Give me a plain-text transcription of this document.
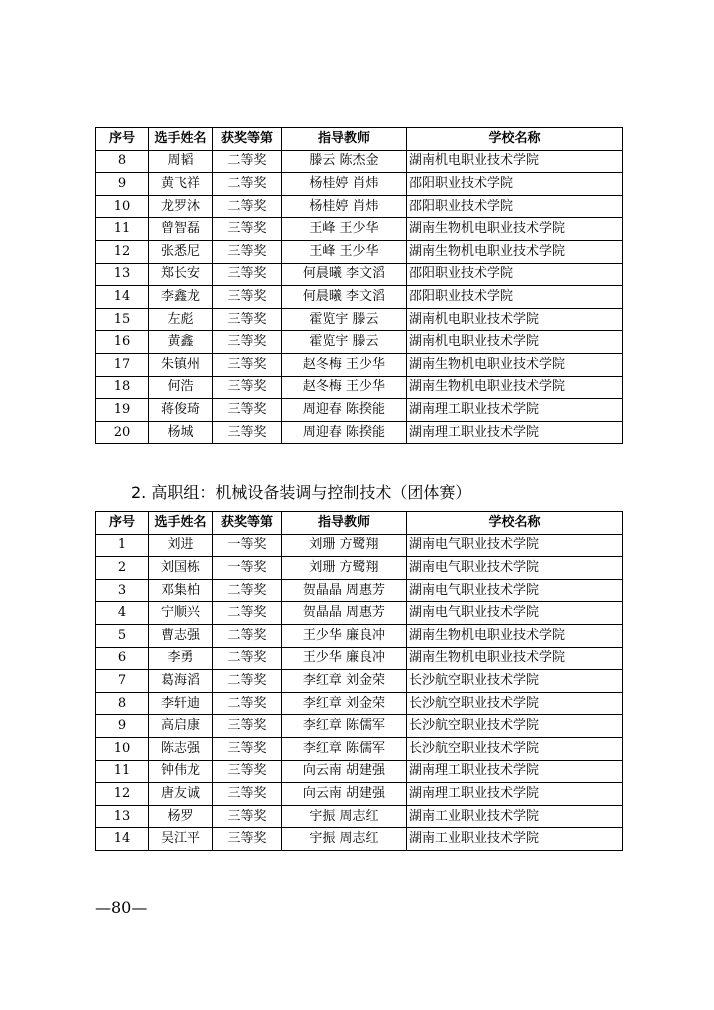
序号	选手姓名	获奖等第	指导教师	学校名称
8	周韬	二等奖	滕云 陈杰金	湖南机电职业技术学院
9	黄飞祥	二等奖	杨桂婷 肖炜	邵阳职业技术学院
10	龙罗沐	二等奖	杨桂婷 肖炜	邵阳职业技术学院
11	曾智磊	三等奖	王峰 王少华	湖南生物机电职业技术学院
12	张悉尼	三等奖	王峰 王少华	湖南生物机电职业技术学院
13	郑长安	三等奖	何晨曦 李文滔	邵阳职业技术学院
14	李鑫龙	三等奖	何晨曦 李文滔	邵阳职业技术学院
15	左彪	三等奖	霍览宇 滕云	湖南机电职业技术学院
16	黄鑫	三等奖	霍览宇 滕云	湖南机电职业技术学院
17	朱镇州	三等奖	赵冬梅 王少华	湖南生物机电职业技术学院
18	何浩	三等奖	赵冬梅 王少华	湖南生物机电职业技术学院
19	蒋俊琦	三等奖	周迎春 陈揆能	湖南理工职业技术学院
20	杨城	三等奖	周迎春 陈揆能	湖南理工职业技术学院
2. 高职组：机械设备装调与控制技术（团体赛）
序号	选手姓名	获奖等第	指导教师	学校名称
1	刘进	一等奖	刘珊 方鹭翔	湖南电气职业技术学院
2	刘国栋	一等奖	刘珊 方鹭翔	湖南电气职业技术学院
3	邓集柏	二等奖	贺晶晶 周惠芳	湖南电气职业技术学院
4	宁顺兴	二等奖	贺晶晶 周惠芳	湖南电气职业技术学院
5	曹志强	二等奖	王少华 廉良冲	湖南生物机电职业技术学院
6	李勇	二等奖	王少华 廉良冲	湖南生物机电职业技术学院
7	葛海滔	二等奖	李红章 刘金荣	长沙航空职业技术学院
8	李轩迪	二等奖	李红章 刘金荣	长沙航空职业技术学院
9	高启康	三等奖	李红章 陈儒军	长沙航空职业技术学院
10	陈志强	三等奖	李红章 陈儒军	长沙航空职业技术学院
11	钟伟龙	三等奖	向云南 胡建强	湖南理工职业技术学院
12	唐友诚	三等奖	向云南 胡建强	湖南理工职业技术学院
13	杨罗	三等奖	宇振 周志红	湖南工业职业技术学院
14	吴江平	三等奖	宇振 周志红	湖南工业职业技术学院
—80—
